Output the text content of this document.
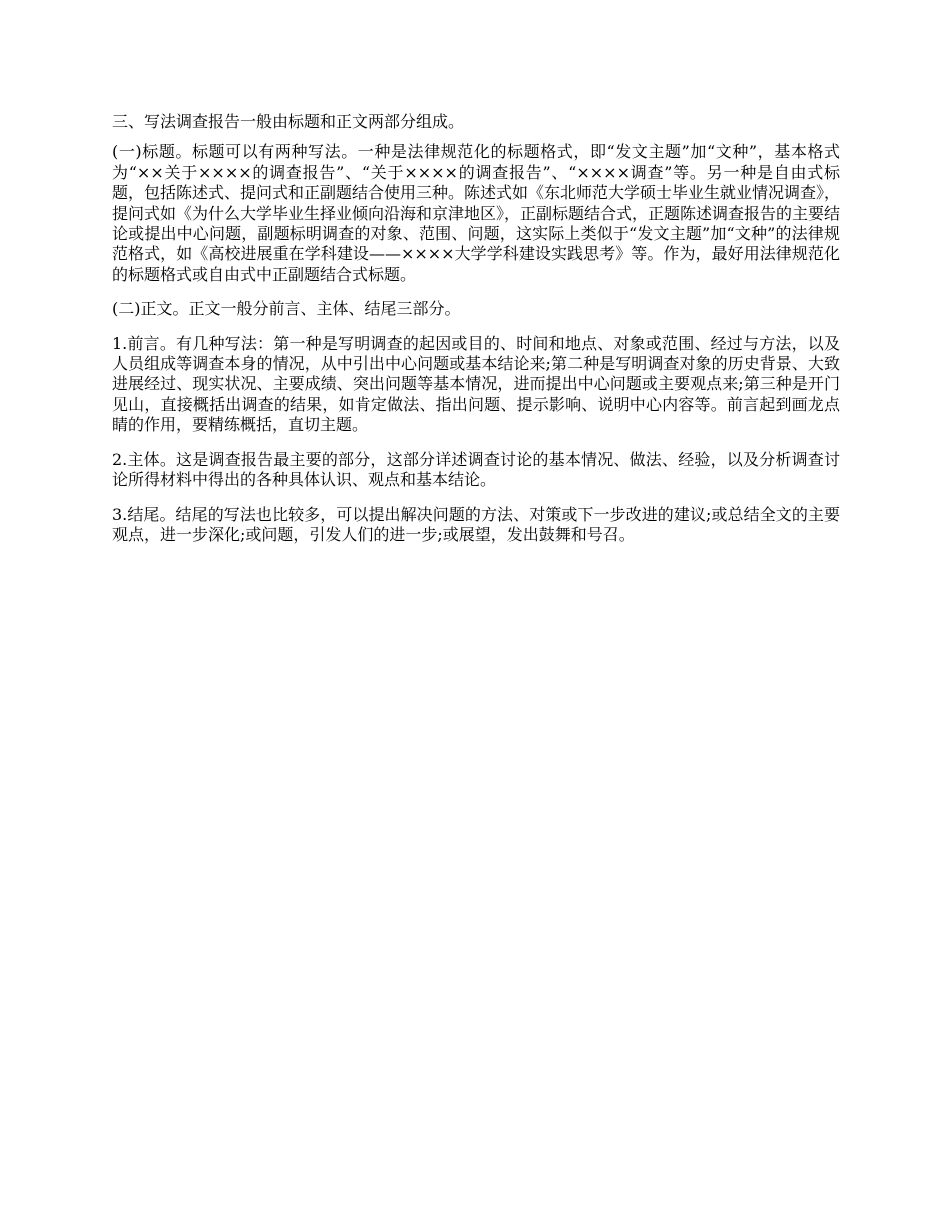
三、写法调查报告一般由标题和正文两部分组成。

(一)标题。标题可以有两种写法。一种是法律规范化的标题格式，即“发文主题”加“文种”，基本格式为“××关于××××的调查报告”、“关于××××的调查报告”、“××××调查”等。另一种是自由式标题，包括陈述式、提问式和正副题结合使用三种。陈述式如《东北师范大学硕士毕业生就业情况调查》，提问式如《为什么大学毕业生择业倾向沿海和京津地区》，正副标题结合式，正题陈述调查报告的主要结论或提出中心问题，副题标明调查的对象、范围、问题，这实际上类似于“发文主题”加“文种”的法律规范格式，如《高校进展重在学科建设——××××大学学科建设实践思考》等。作为，最好用法律规范化的标题格式或自由式中正副题结合式标题。

(二)正文。正文一般分前言、主体、结尾三部分。

1.前言。有几种写法：第一种是写明调查的起因或目的、时间和地点、对象或范围、经过与方法，以及人员组成等调查本身的情况，从中引出中心问题或基本结论来;第二种是写明调查对象的历史背景、大致进展经过、现实状况、主要成绩、突出问题等基本情况，进而提出中心问题或主要观点来;第三种是开门见山，直接概括出调查的结果，如肯定做法、指出问题、提示影响、说明中心内容等。前言起到画龙点睛的作用，要精练概括，直切主题。

2.主体。这是调查报告最主要的部分，这部分详述调查讨论的基本情况、做法、经验，以及分析调查讨论所得材料中得出的各种具体认识、观点和基本结论。

3.结尾。结尾的写法也比较多，可以提出解决问题的方法、对策或下一步改进的建议;或总结全文的主要观点，进一步深化;或问题，引发人们的进一步;或展望，发出鼓舞和号召。
